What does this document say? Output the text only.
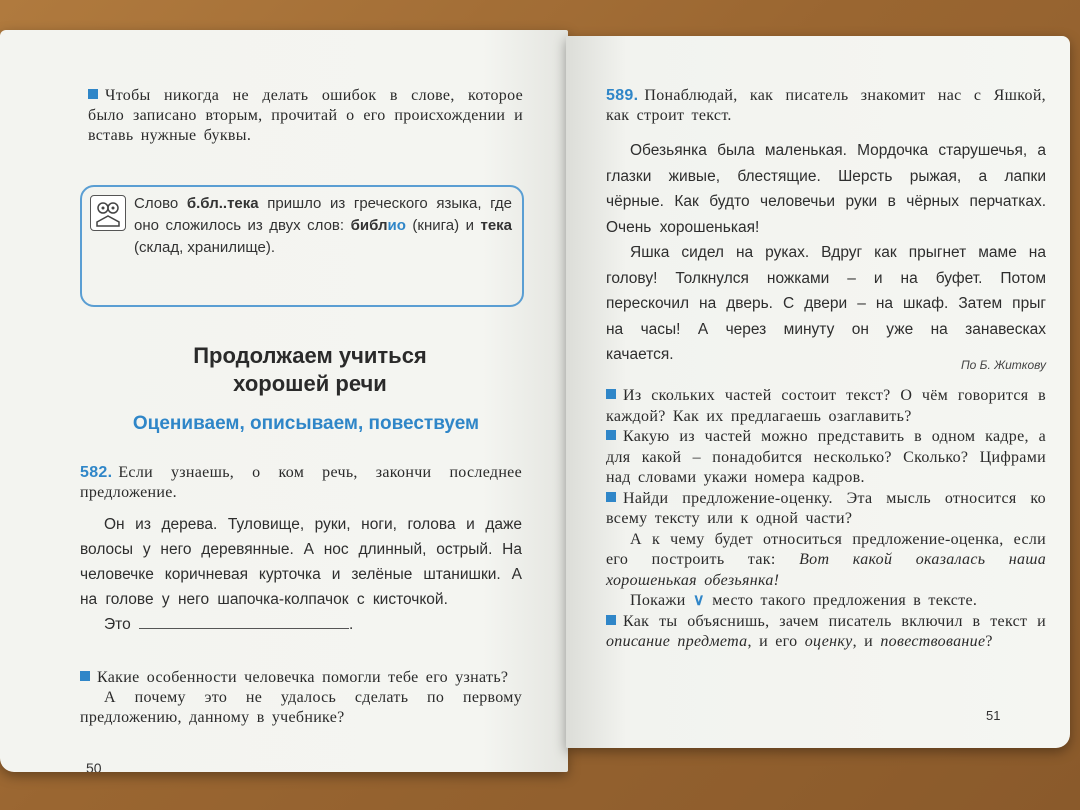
Чтобы никогда не делать ошибок в слове, которое было записано вторым, прочитай о его происхождении и вставь нужные буквы.
Слово б.бл..тека пришло из греческого языка, где оно сложилось из двух слов: библио (книга) и тека (склад, хранилище).
Продолжаем учиться
хорошей речи
Оцениваем, описываем, повествуем
582. Если узнаешь, о ком речь, закончи последнее предложение.

Он из дерева. Туловище, руки, ноги, голова и даже волосы у него деревянные. А нос длинный, острый. На человечке коричневая курточка и зелёные штанишки. А на голове у него шапочка-колпачок с кисточкой.

Это	.

Какие особенности человечка помогли тебе его узнать?

А почему это не удалось сделать по первому предложению, данному в учебнике?

50
589. Понаблюдай, как писатель знакомит нас с Яшкой, как строит текст.

Обезьянка была маленькая. Мордочка старушечья, а глазки живые, блестящие. Шерсть рыжая, а лапки чёрные. Как будто человечьи руки в чёрных перчатках. Очень хорошенькая!

Яшка сидел на руках. Вдруг как прыгнет маме на голову! Толкнулся ножками – и на буфет. Потом перескочил на дверь. С двери – на шкаф. Затем прыг на часы! А через минуту он уже на занавесках качается.

По Б. Житкову

Из скольких частей состоит текст? О чём говорится в каждой? Как их предлагаешь озаглавить?

Какую из частей можно представить в одном кадре, а для какой – понадобится несколько? Сколько? Цифрами над словами укажи номера кадров.

Найди предложение-оценку. Эта мысль относится ко всему тексту или к одной части?

А к чему будет относиться предложение-оценка, если его построить так: Вот какой оказалась наша хорошенькая обезьянка!

Покажи ∨ место такого предложения в тексте.

Как ты объяснишь, зачем писатель включил в текст и описание предмета, и его оценку, и повествование?

51
